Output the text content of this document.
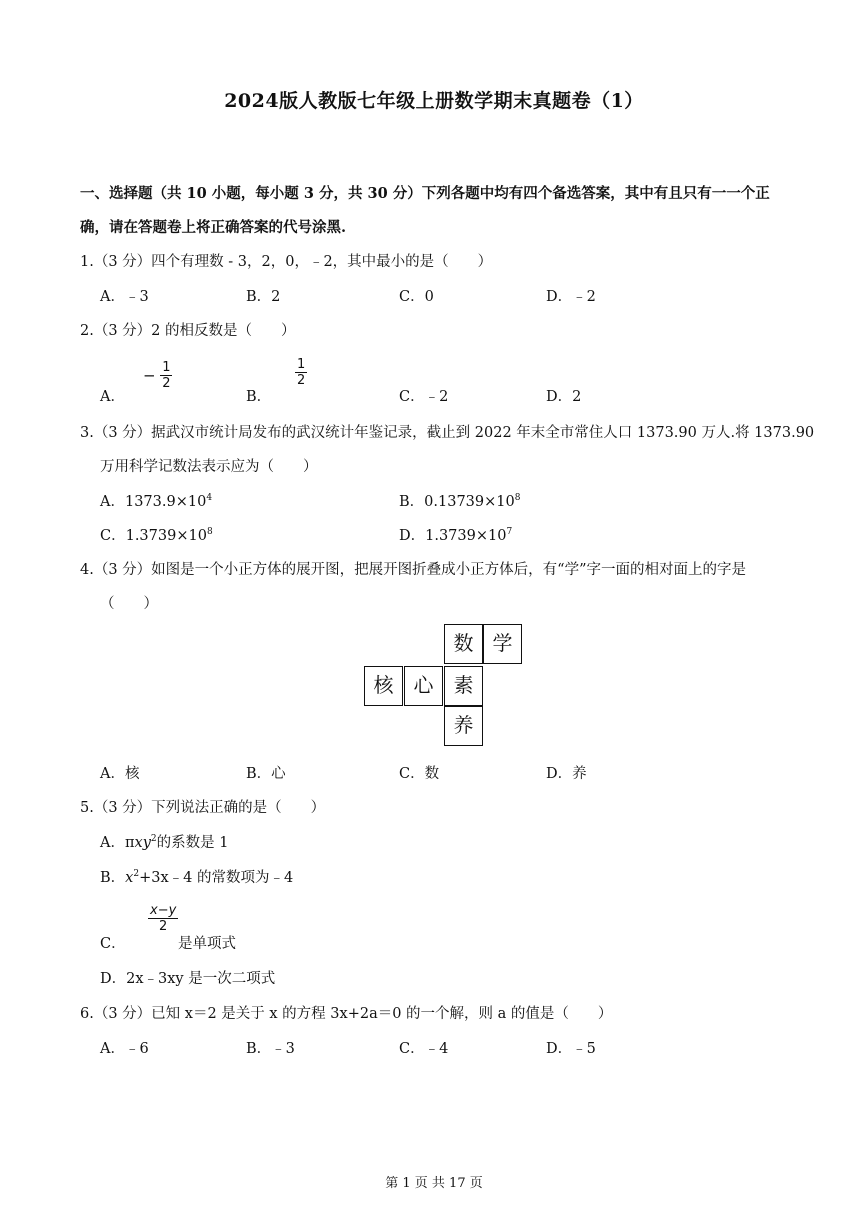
2024版人教版七年级上册数学期末真题卷（1）
一、选择题（共 10 小题，每小题 3 分，共 30 分）下列各题中均有四个备选答案，其中有且只有一一个正
确，请在答题卷上将正确答案的代号涂黑.
1.（3 分）四个有理数 ‐ 3，2，0，﹣2，其中最小的是（　　）
A．﹣3	B．2	C．0	D．﹣2
2.（3 分）2 的相反数是（　　）
A．
− $\frac{1}{2}$
B．
$\frac{1}{2}$
C．﹣2	D．2
3.（3 分）据武汉市统计局发布的武汉统计年鉴记录，截止到 2022 年末全市常住人口 1373.90 万人.将 1373.90
万用科学记数法表示应为（　　）
A．$1373.9\times 10^4$	B．$0.13739\times 10^8$
C．$1.3739\times 10^8$	D．$1.3739\times 10^7$
4.（3 分）如图是一个小正方体的展开图，把展开图折叠成小正方体后，有“学”字一面的相对面上的字是
（　　）
数 学
核	心	素
养
A．核	B．心	C．数	D．养
5.（3 分）下列说法正确的是（　　）
A．πxy$^2$的系数是 1
B．$x^2+3x﹣4$ 的常数项为﹣4
C．
$\frac{x-y}{2}$
是单项式
D．2x﹣3xy 是一次二项式
6.（3 分）已知 x＝2 是关于 x 的方程 3x+2a＝0 的一个解，则 a 的值是（　　）
A．﹣6	B．﹣3	C．﹣4	D．﹣5
第 1 页 共 17 页
